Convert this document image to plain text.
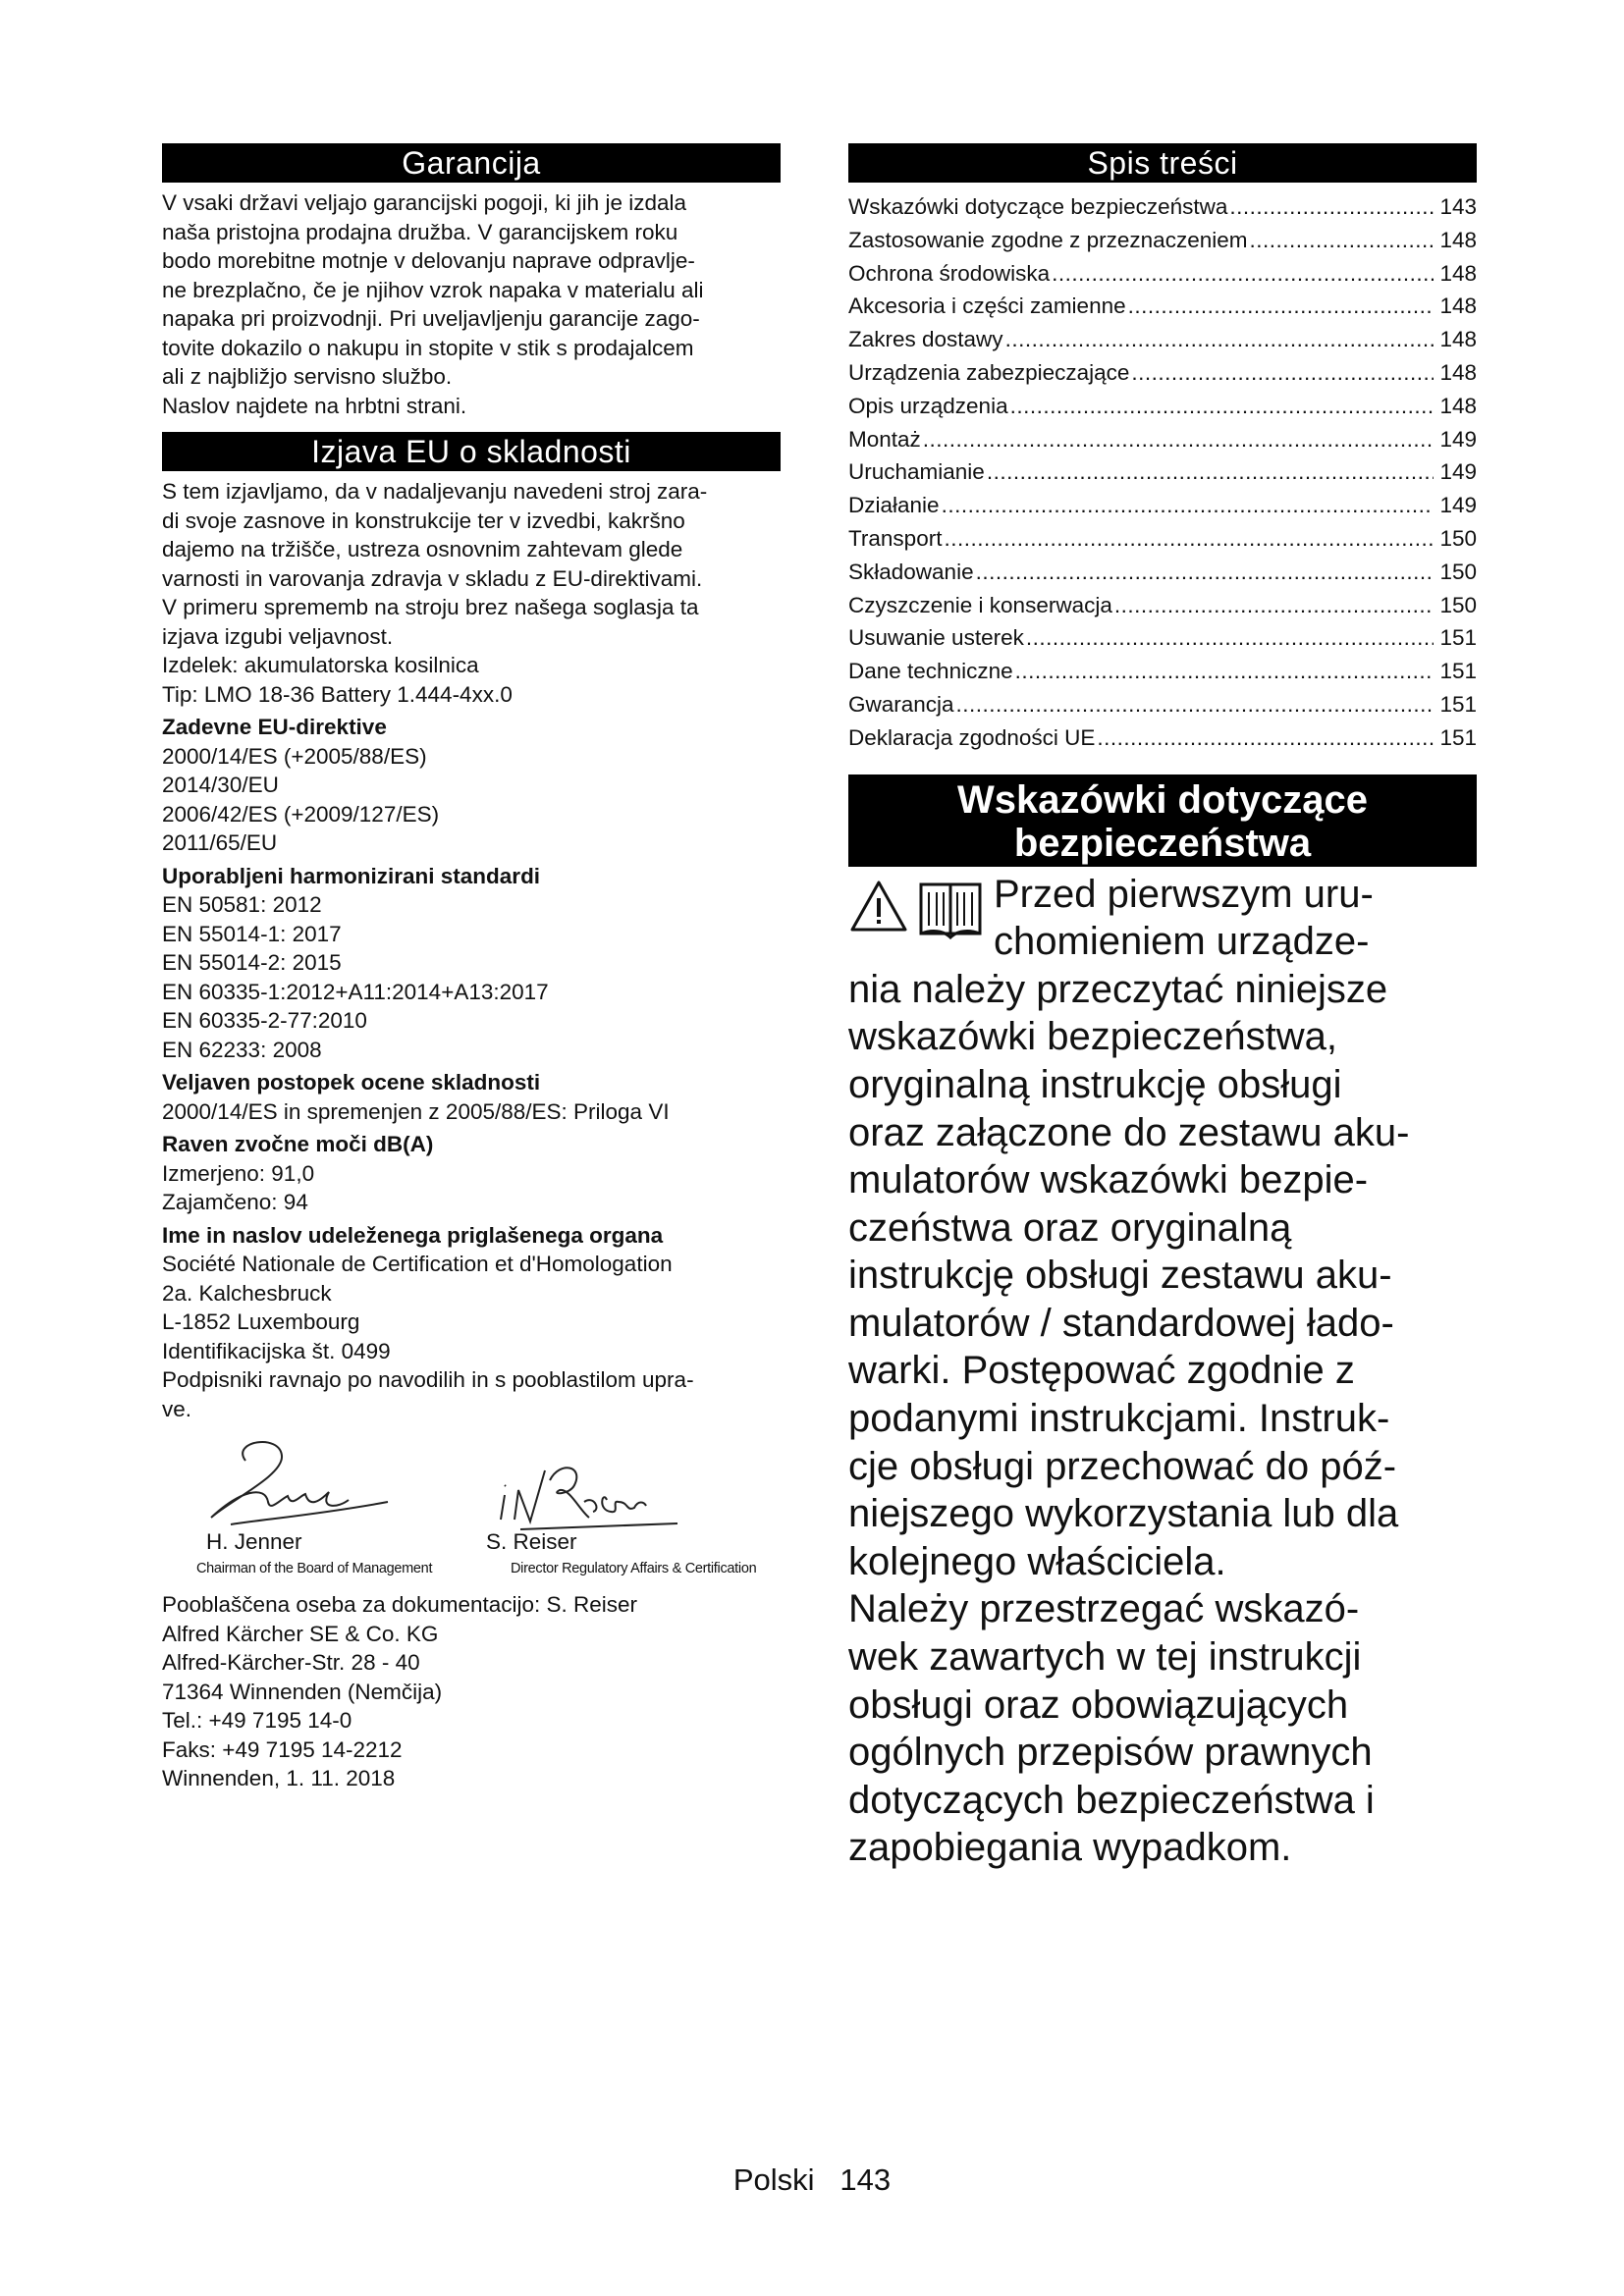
Garancija

V vsaki državi veljajo garancijski pogoji, ki jih je izdala

naša pristojna prodajna družba. V garancijskem roku

bodo morebitne motnje v delovanju naprave odpravlje-

ne brezplačno, če je njihov vzrok napaka v materialu ali

napaka pri proizvodnji. Pri uveljavljenju garancije zago-

tovite dokazilo o nakupu in stopite v stik s prodajalcem

ali z najbližjo servisno službo.

Naslov najdete na hrbtni strani.

Izjava EU o skladnosti

S tem izjavljamo, da v nadaljevanju navedeni stroj zara-

di svoje zasnove in konstrukcije ter v izvedbi, kakršno

dajemo na tržišče, ustreza osnovnim zahtevam glede

varnosti in varovanja zdravja v skladu z EU-direktivami.

V primeru sprememb na stroju brez našega soglasja ta

izjava izgubi veljavnost.

Izdelek: akumulatorska kosilnica

Tip: LMO 18-36 Battery 1.444-4xx.0

Zadevne EU-direktive

2000/14/ES (+2005/88/ES)

2014/30/EU

2006/42/ES (+2009/127/ES)

2011/65/EU

Uporabljeni harmonizirani standardi

EN 50581: 2012

EN 55014-1: 2017

EN 55014-2: 2015

EN 60335-1:2012+A11:2014+A13:2017

EN 60335-2-77:2010

EN 62233: 2008

Veljaven postopek ocene skladnosti

2000/14/ES in spremenjen z 2005/88/ES: Priloga VI

Raven zvočne moči dB(A)

Izmerjeno: 91,0

Zajamčeno: 94

Ime in naslov udeleženega priglašenega organa

Société Nationale de Certification et d'Homologation

2a. Kalchesbruck

L-1852 Luxembourg

Identifikacijska št. 0499

Podpisniki ravnajo po navodilih in s pooblastilom upra-

ve.

H. Jenner
Chairman of the Board of Management
S. Reiser
Director Regulatory Affairs & Certification

Pooblaščena oseba za dokumentacijo: S. Reiser

Alfred Kärcher SE & Co. KG

Alfred-Kärcher-Str. 28 - 40

71364 Winnenden (Nemčija)

Tel.: +49 7195 14-0

Faks: +49 7195 14-2212

Winnenden, 1. 11. 2018

Spis treści
Wskazówki dotyczące bezpieczeństwa .....	143
Zastosowanie zgodne z przeznaczeniem .....	148
Ochrona środowiska .....	148
Akcesoria i części zamienne .....	148
Zakres dostawy .....	148
Urządzenia zabezpieczające .....	148
Opis urządzenia .....	148
Montaż .....	149
Uruchamianie .....	149
Działanie .....	149
Transport .....	150
Składowanie .....	150
Czyszczenie i konserwacja .....	150
Usuwanie usterek .....	151
Dane techniczne .....	151
Gwarancja .....	151
Deklaracja zgodności UE .....	151
Wskazówki dotyczące
bezpieczeństwa

Przed pierwszym uru-

chomieniem urządze-

nia należy przeczytać niniejsze

wskazówki bezpieczeństwa,

oryginalną instrukcję obsługi

oraz załączone do zestawu aku-

mulatorów wskazówki bezpie-

czeństwa oraz oryginalną

instrukcję obsługi zestawu aku-

mulatorów / standardowej łado-

warki. Postępować zgodnie z

podanymi instrukcjami. Instruk-

cje obsługi przechować do póź-

niejszego wykorzystania lub dla

kolejnego właściciela.

Należy przestrzegać wskazó-

wek zawartych w tej instrukcji

obsługi oraz obowiązujących

ogólnych przepisów prawnych

dotyczących bezpieczeństwa i

zapobiegania wypadkom.

Polski 143
